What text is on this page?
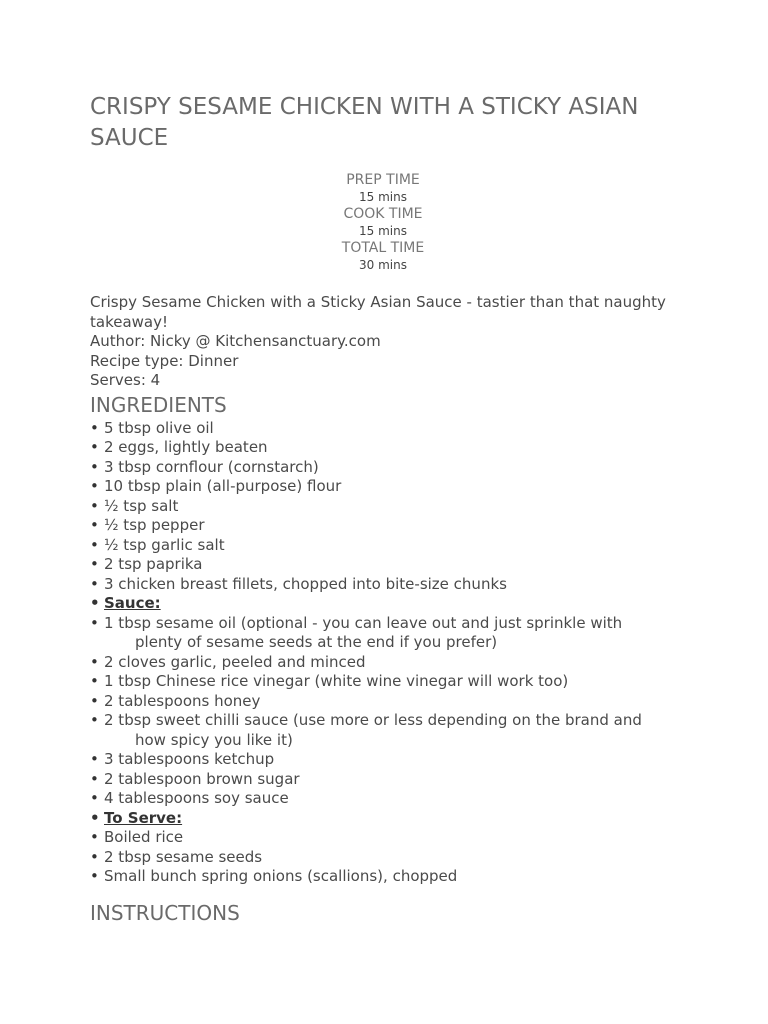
CRISPY SESAME CHICKEN WITH A STICKY ASIAN SAUCE
PREP TIME
15 mins
COOK TIME
15 mins
TOTAL TIME
30 mins

Crispy Sesame Chicken with a Sticky Asian Sauce - tastier than that naughty takeaway!

Author: Nicky @ Kitchensanctuary.com

Recipe type: Dinner

Serves: 4

INGREDIENTS
• 5 tbsp olive oil
• 2 eggs, lightly beaten
• 3 tbsp cornflour (cornstarch)
• 10 tbsp plain (all-purpose) flour
• ½ tsp salt
• ½ tsp pepper
• ½ tsp garlic salt
• 2 tsp paprika
• 3 chicken breast fillets, chopped into bite-size chunks
• Sauce:
• 1 tbsp sesame oil (optional - you can leave out and just sprinkle with
plenty of sesame seeds at the end if you prefer)
• 2 cloves garlic, peeled and minced
• 1 tbsp Chinese rice vinegar (white wine vinegar will work too)
• 2 tablespoons honey
• 2 tbsp sweet chilli sauce (use more or less depending on the brand and
how spicy you like it)
• 3 tablespoons ketchup
• 2 tablespoon brown sugar
• 4 tablespoons soy sauce
• To Serve:
• Boiled rice
• 2 tbsp sesame seeds
• Small bunch spring onions (scallions), chopped
INSTRUCTIONS
